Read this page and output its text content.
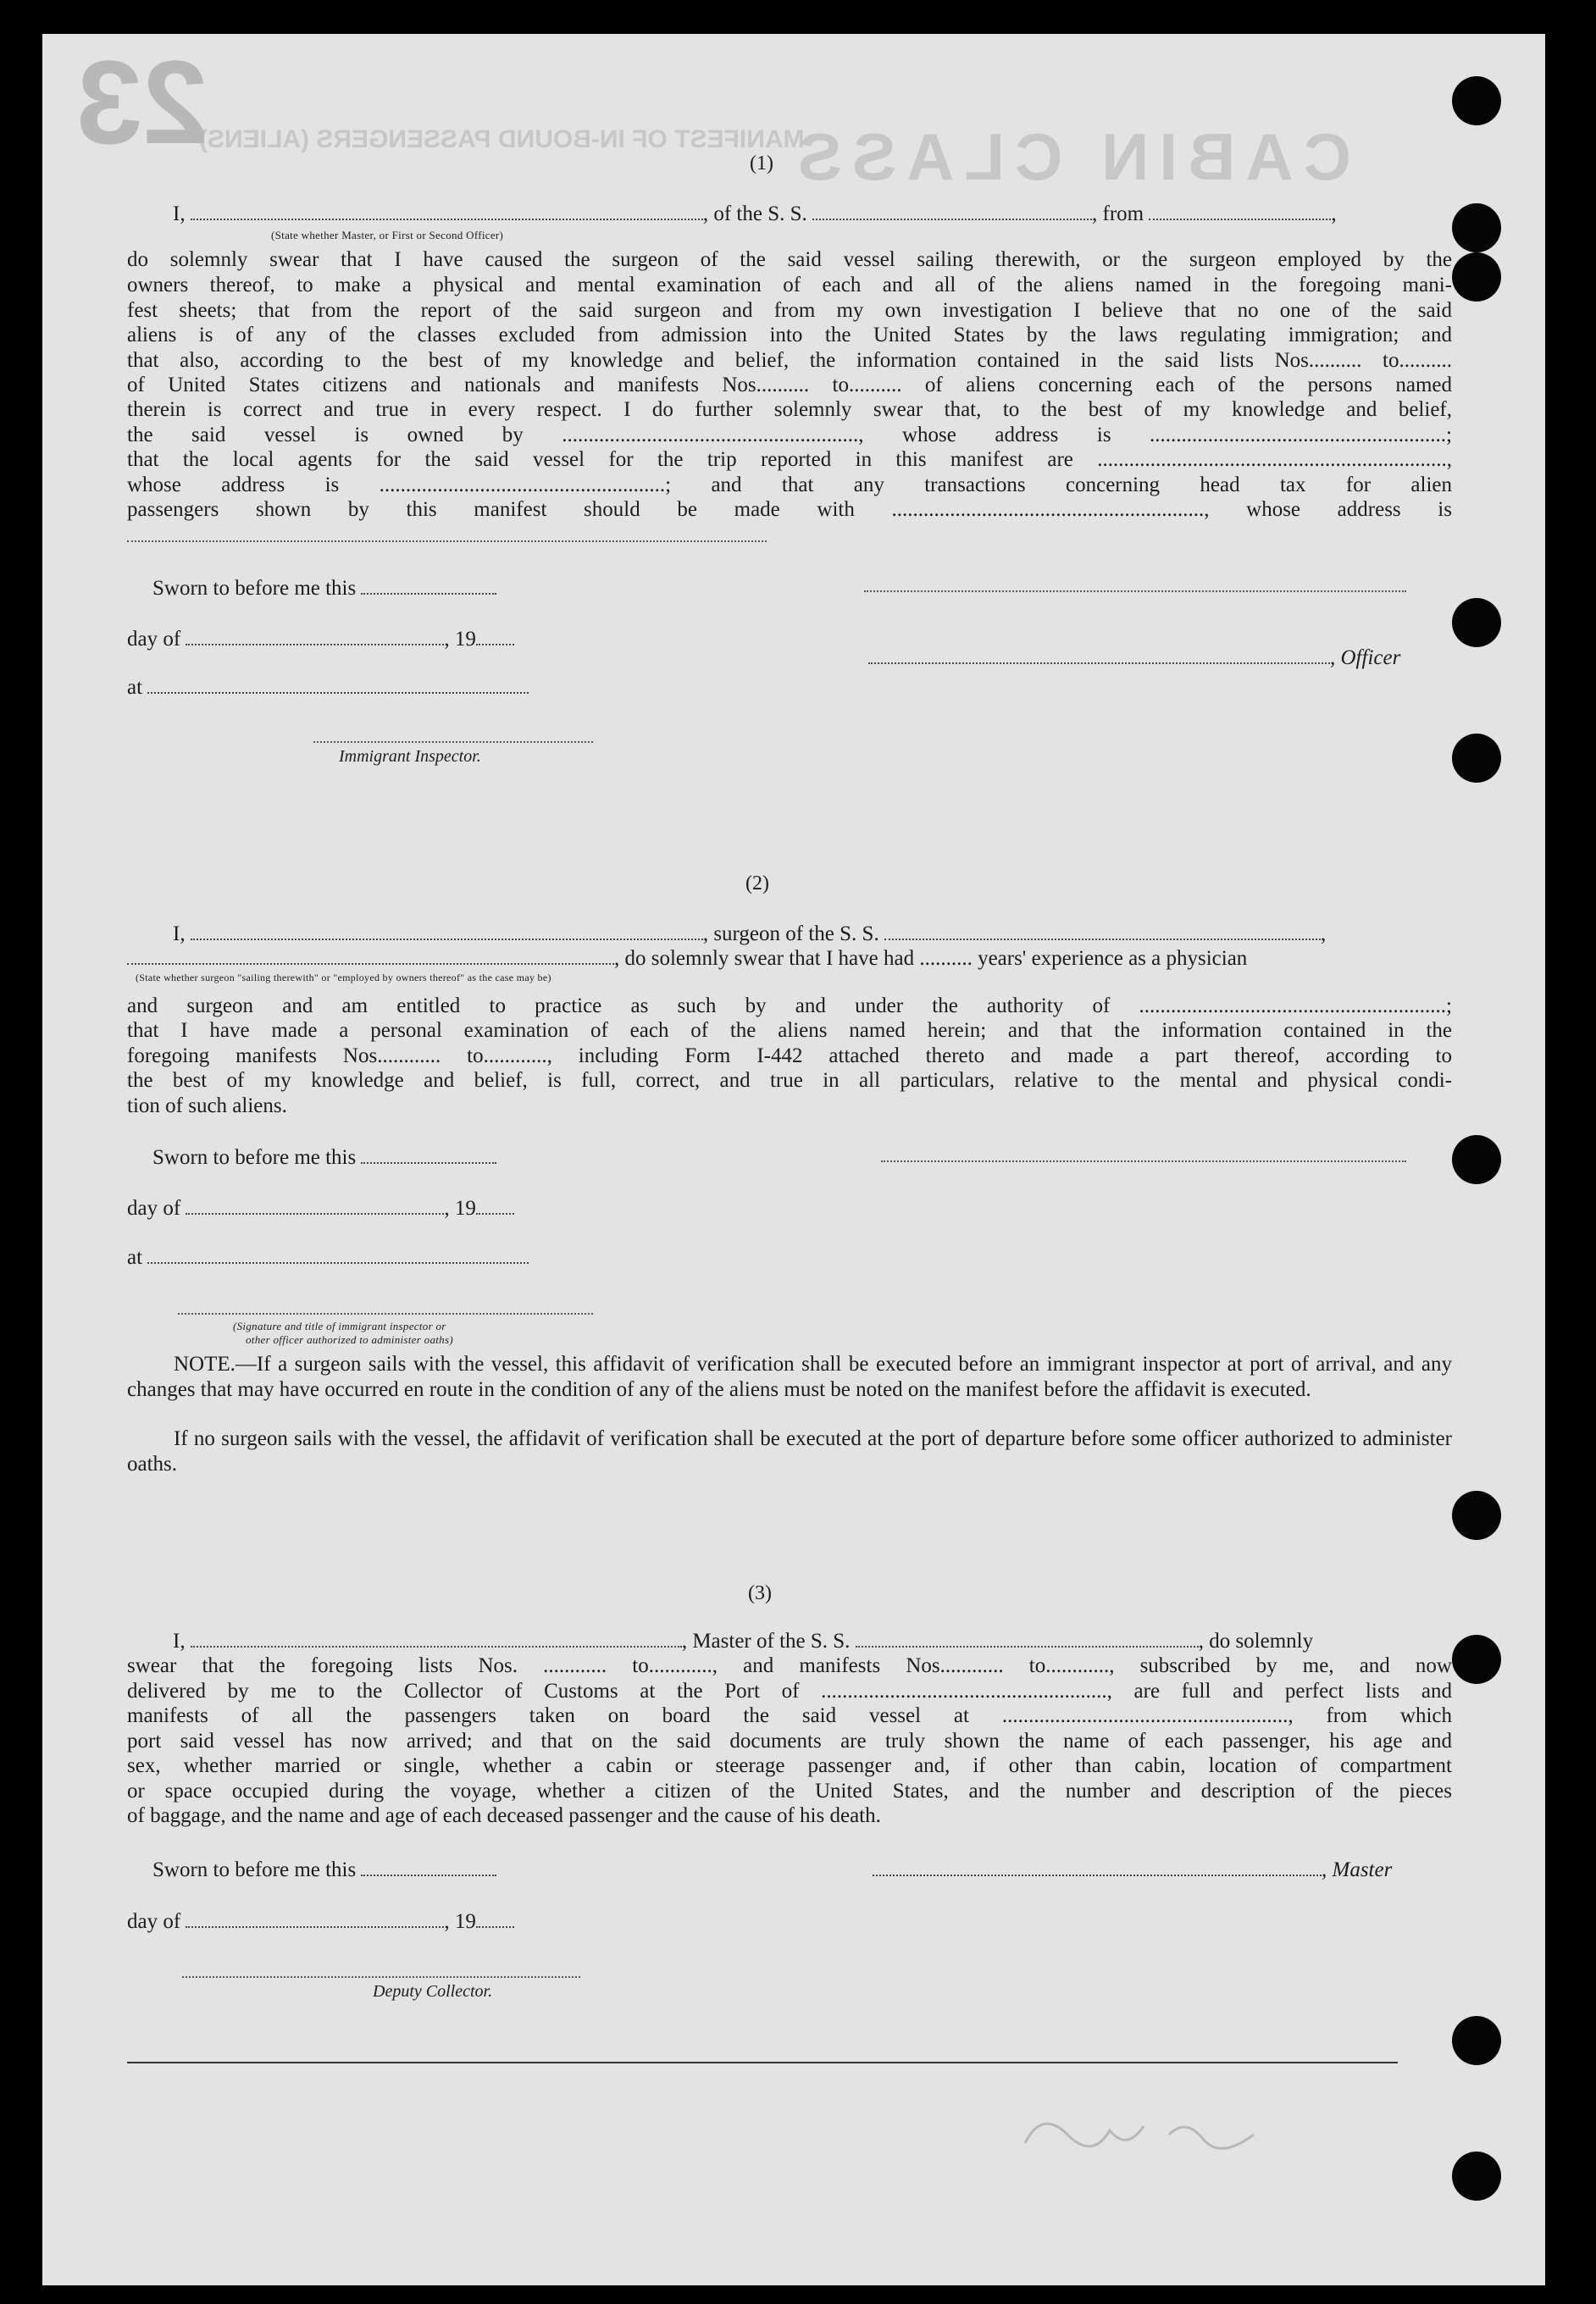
CABIN CLASS
MANIFEST OF IN-BOUND PASSENGERS (ALIENS)
23	(1)
I,	, of the S. S.	, from	,
(State whether Master, or First or Second Officer)
do solemnly swear that I have caused the surgeon of the said vessel sailing therewith, or the surgeon employed by the
owners thereof, to make a physical and mental examination of each and all of the aliens named in the foregoing mani-
fest sheets; that from the report of the said surgeon and from my own investigation I believe that no one of the said
aliens is of any of the classes excluded from admission into the United States by the laws regulating immigration; and
that also, according to the best of my knowledge and belief, the information contained in the said lists Nos.......... to..........
of United States citizens and nationals and manifests Nos.......... to.......... of aliens concerning each of the persons named
therein is correct and true in every respect. I do further solemnly swear that, to the best of my knowledge and belief,
the said vessel is owned by ........................................................, whose address is ........................................................;
that the local agents for the said vessel for the trip reported in this manifest are ..................................................................,
whose address is ......................................................; and that any transactions concerning head tax for alien
passengers shown by this manifest should be made with ..........................................................., whose address is
Sworn to before me this
day of	, 19
, Officer
at
Immigrant Inspector.
(2)
I,	, surgeon of the S. S.	,
, do solemnly swear that I have had .......... years' experience as a physician
(State whether surgeon "sailing therewith" or "employed by owners thereof" as the case may be)
and surgeon and am entitled to practice as such by and under the authority of ..........................................................;
that I have made a personal examination of each of the aliens named herein; and that the information contained in the
foregoing manifests Nos............ to............, including Form I-442 attached thereto and made a part thereof, according to
the best of my knowledge and belief, is full, correct, and true in all particulars, relative to the mental and physical condi-
tion of such aliens.
Sworn to before me this
day of	, 19
at
(Signature and title of immigrant inspector or
other officer authorized to administer oaths)
NOTE.—If a surgeon sails with the vessel, this affidavit of verification shall be executed before an immigrant inspector at port of arrival, and any changes that may have occurred en route in the condition of any of the aliens must be noted on the manifest before the affidavit is executed.
If no surgeon sails with the vessel, the affidavit of verification shall be executed at the port of departure before some officer authorized to administer oaths.
(3)
I,	, Master of the S. S.	, do solemnly
swear that the foregoing lists Nos. ............ to............, and manifests Nos............ to............, subscribed by me, and now
delivered by me to the Collector of Customs at the Port of ......................................................, are full and perfect lists and
manifests of all the passengers taken on board the said vessel at ......................................................, from which
port said vessel has now arrived; and that on the said documents are truly shown the name of each passenger, his age and
sex, whether married or single, whether a cabin or steerage passenger and, if other than cabin, location of compartment
or space occupied during the voyage, whether a citizen of the United States, and the number and description of the pieces
of baggage, and the name and age of each deceased passenger and the cause of his death.
Sworn to before me this	, Master
day of	, 19
Deputy Collector.
